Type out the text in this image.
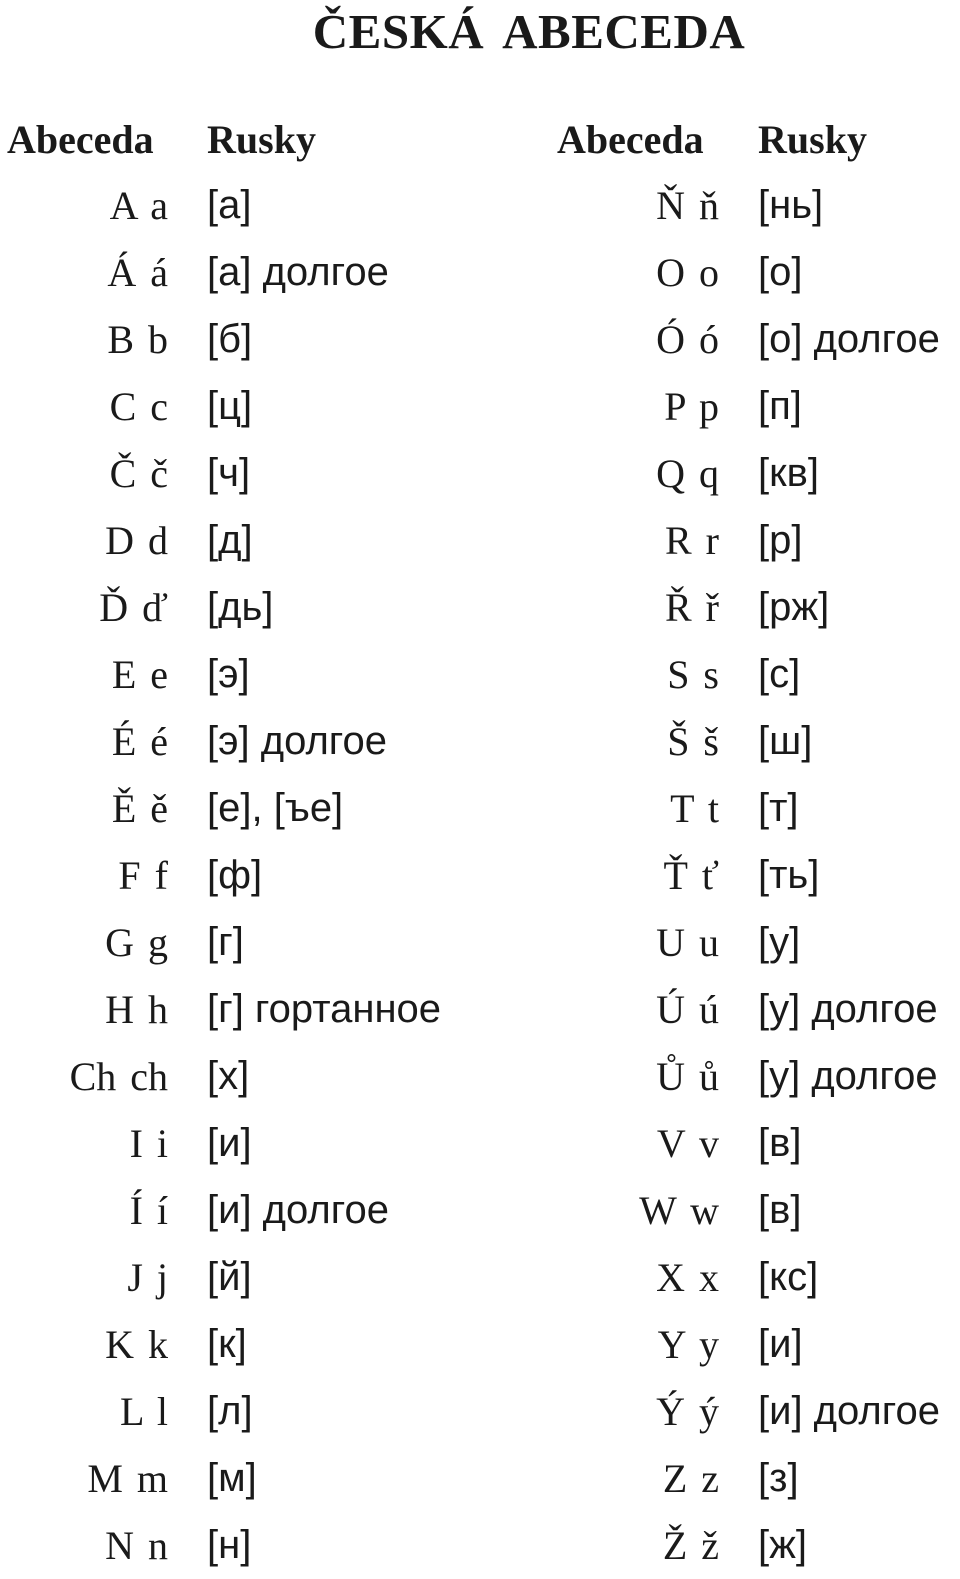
ČESKÁ ABECEDA
Abeceda Rusky
A a [а]
Á á [а] долгое
B b [б]
C c [ц]
Č č [ч]
D d [д]
Ď ď [дь]
E e [э]
É é [э] долгое
Ě ě [е], [ъе]
F f [ф]
G g [г]
H h [г] гортанное
Ch ch [х]
I i [и]
Í í [и] долгое
J j [й]
K k [к]
L l [л]
M m [м]
N n [н]
Abeceda Rusky
Ň ň [нь]
O o [о]
Ó ó [о] долгое
P p [п]
Q q [кв]
R r [р]
Ř ř [рж]
S s [с]
Š š [ш]
T t [т]
Ť ť [ть]
U u [у]
Ú ú [у] долгое
Ů ů [у] долгое
V v [в]
W w [в]
X x [кс]
Y y [и]
Ý ý [и] долгое
Z z [з]
Ž ž [ж]
